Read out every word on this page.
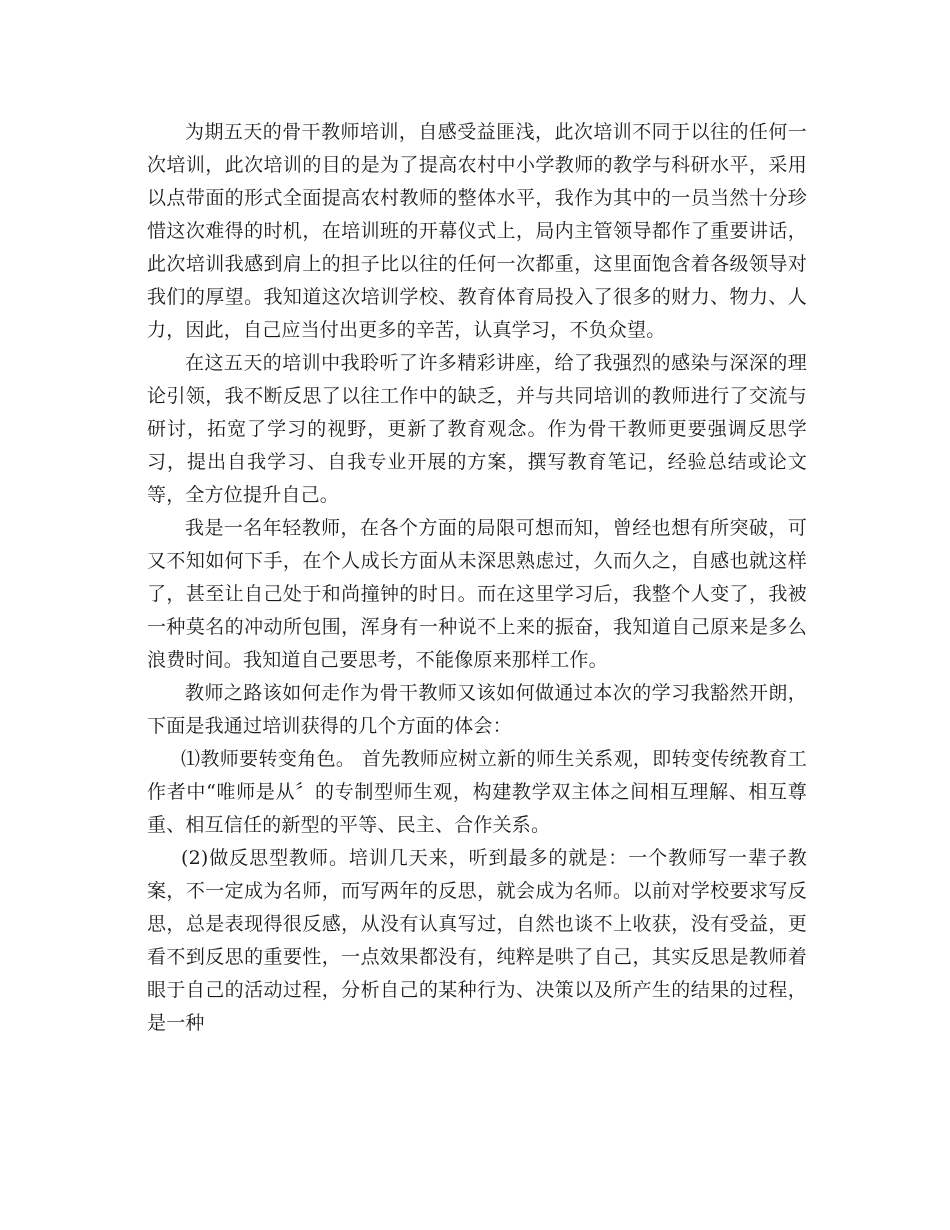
为期五天的骨干教师培训，自感受益匪浅，此次培训不同于以往的任何一次培训，此次培训的目的是为了提高农村中小学教师的教学与科研水平，采用以点带面的形式全面提高农村教师的整体水平，我作为其中的一员当然十分珍惜这次难得的时机，在培训班的开幕仪式上，局内主管领导都作了重要讲话，此次培训我感到肩上的担子比以往的任何一次都重，这里面饱含着各级领导对我们的厚望。我知道这次培训学校、教育体育局投入了很多的财力、物力、人力，因此，自己应当付出更多的辛苦，认真学习，不负众望。

在这五天的培训中我聆听了许多精彩讲座，给了我强烈的感染与深深的理论引领，我不断反思了以往工作中的缺乏，并与共同培训的教师进行了交流与研讨，拓宽了学习的视野，更新了教育观念。作为骨干教师更要强调反思学习，提出自我学习、自我专业开展的方案，撰写教育笔记，经验总结或论文等，全方位提升自己。

我是一名年轻教师，在各个方面的局限可想而知，曾经也想有所突破，可又不知如何下手，在个人成长方面从未深思熟虑过，久而久之，自感也就这样了，甚至让自己处于和尚撞钟的时日。而在这里学习后，我整个人变了，我被一种莫名的冲动所包围，浑身有一种说不上来的振奋，我知道自己原来是多么浪费时间。我知道自己要思考，不能像原来那样工作。

教师之路该如何走作为骨干教师又该如何做通过本次的学习我豁然开朗，下面是我通过培训获得的几个方面的体会：

⑴教师要转变角色。 首先教师应树立新的师生关系观，即转变传统教育工作者中“唯师是从〞的专制型师生观，构建教学双主体之间相互理解、相互尊重、相互信任的新型的平等、民主、合作关系。

(2)做反思型教师。培训几天来，听到最多的就是：一个教师写一辈子教案，不一定成为名师，而写两年的反思，就会成为名师。以前对学校要求写反思，总是表现得很反感，从没有认真写过，自然也谈不上收获，没有受益，更看不到反思的重要性，一点效果都没有，纯粹是哄了自己，其实反思是教师着眼于自己的活动过程，分析自己的某种行为、决策以及所产生的结果的过程，是一种
